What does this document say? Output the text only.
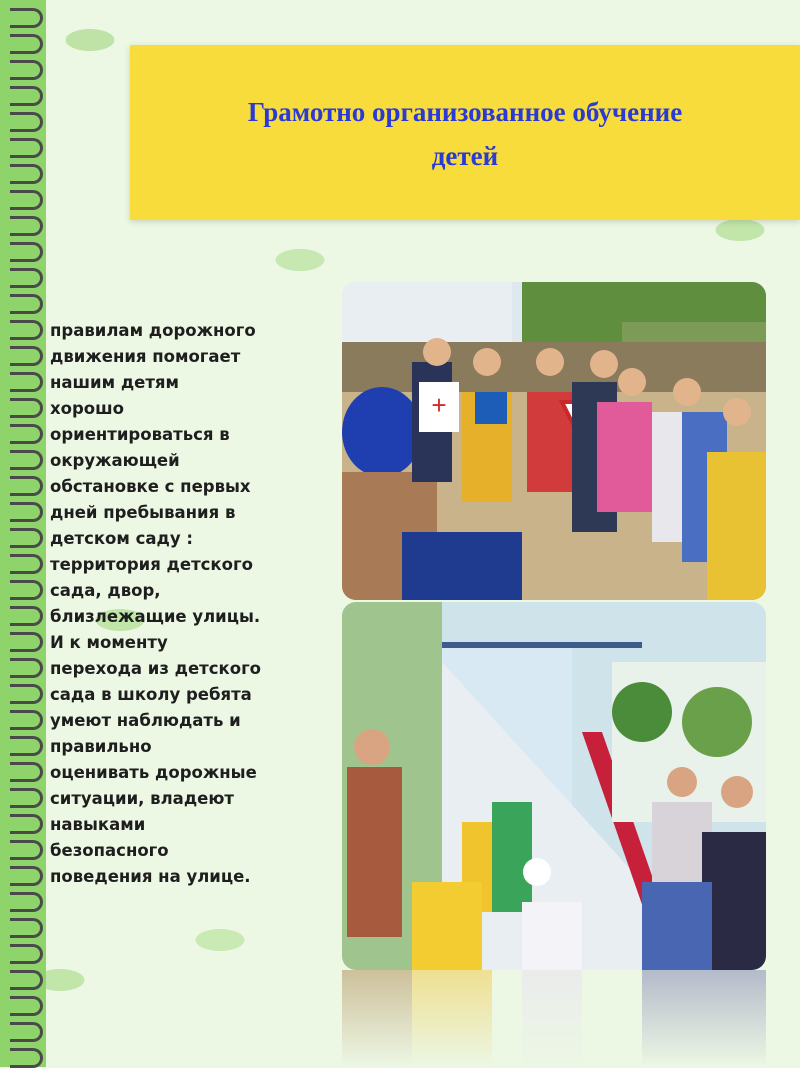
Грамотно организованное обучение
детей
правилам дорожного
движения помогает
нашим детям
хорошо
ориентироваться в
окружающей
обстановке с первых
дней пребывания в
детском саду :
территория детского
сада, двор,
близлежащие улицы.
И к моменту
перехода из детского
сада в школу ребята
умеют наблюдать и
правильно
оценивать дорожные
ситуации, владеют
навыками
безопасного
поведения на улице.
+
